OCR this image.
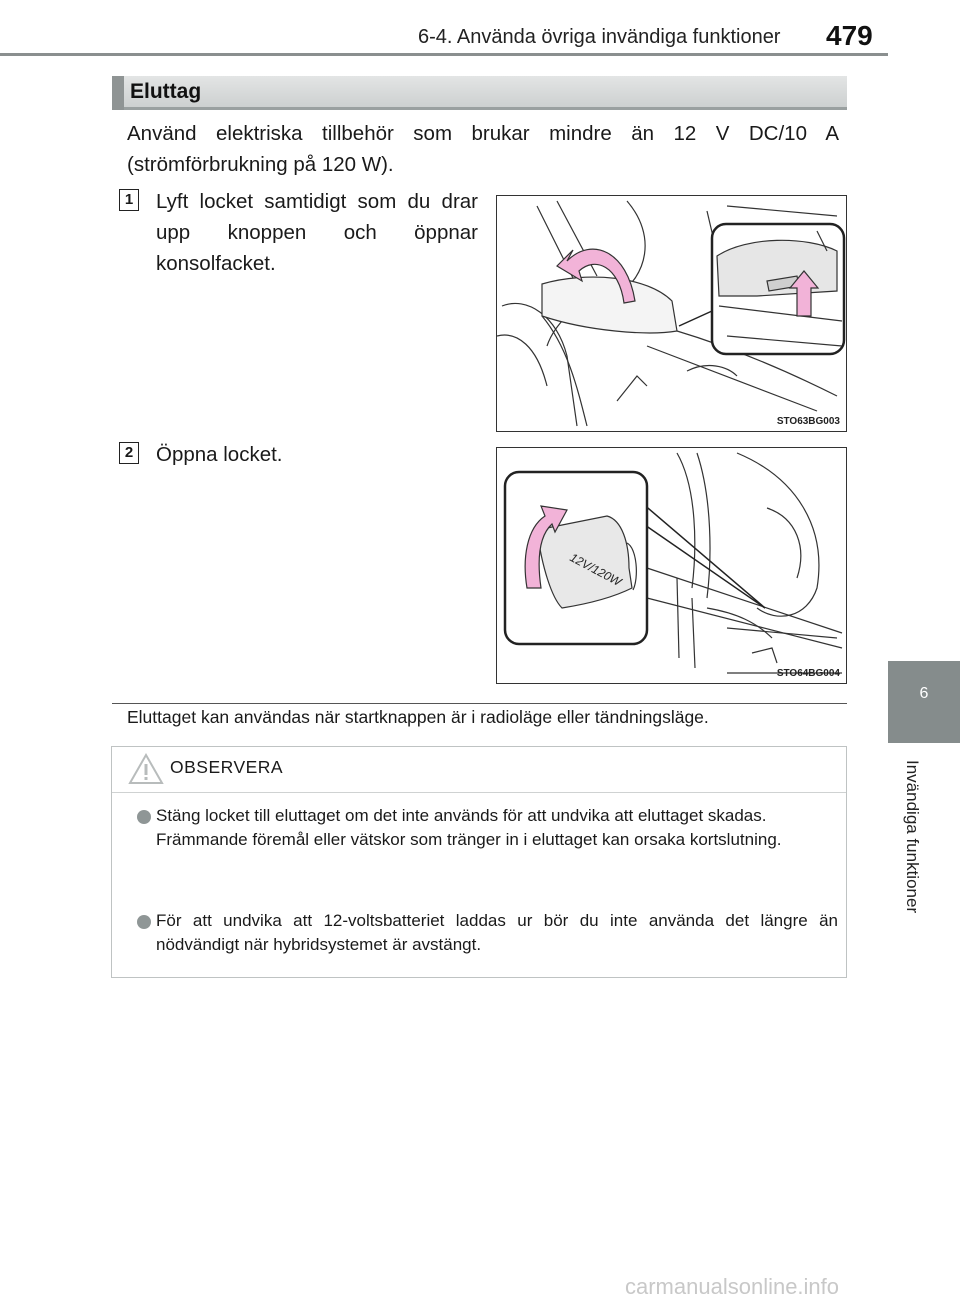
6-4. Använda övriga invändiga funktioner 479
6
Invändiga funktioner
Eluttag
Använd elektriska tillbehör som brukar mindre än 12 V DC/10 A (strömförbrukning på 120 W).
1 Lyft locket samtidigt som du drar upp knoppen och öppnar konsolfacket.
STO63BG003
2 Öppna locket.
12V/120W
STO64BG004
Eluttaget kan användas när startknappen är i radioläge eller tändningsläge.
OBSERVERA
Stäng locket till eluttaget om det inte används för att undvika att eluttaget skadas.
Främmande föremål eller vätskor som tränger in i eluttaget kan orsaka kortslutning.
För att undvika att 12-voltsbatteriet laddas ur bör du inte använda det längre än nödvändigt när hybridsystemet är avstängt.
carmanualsonline.info
